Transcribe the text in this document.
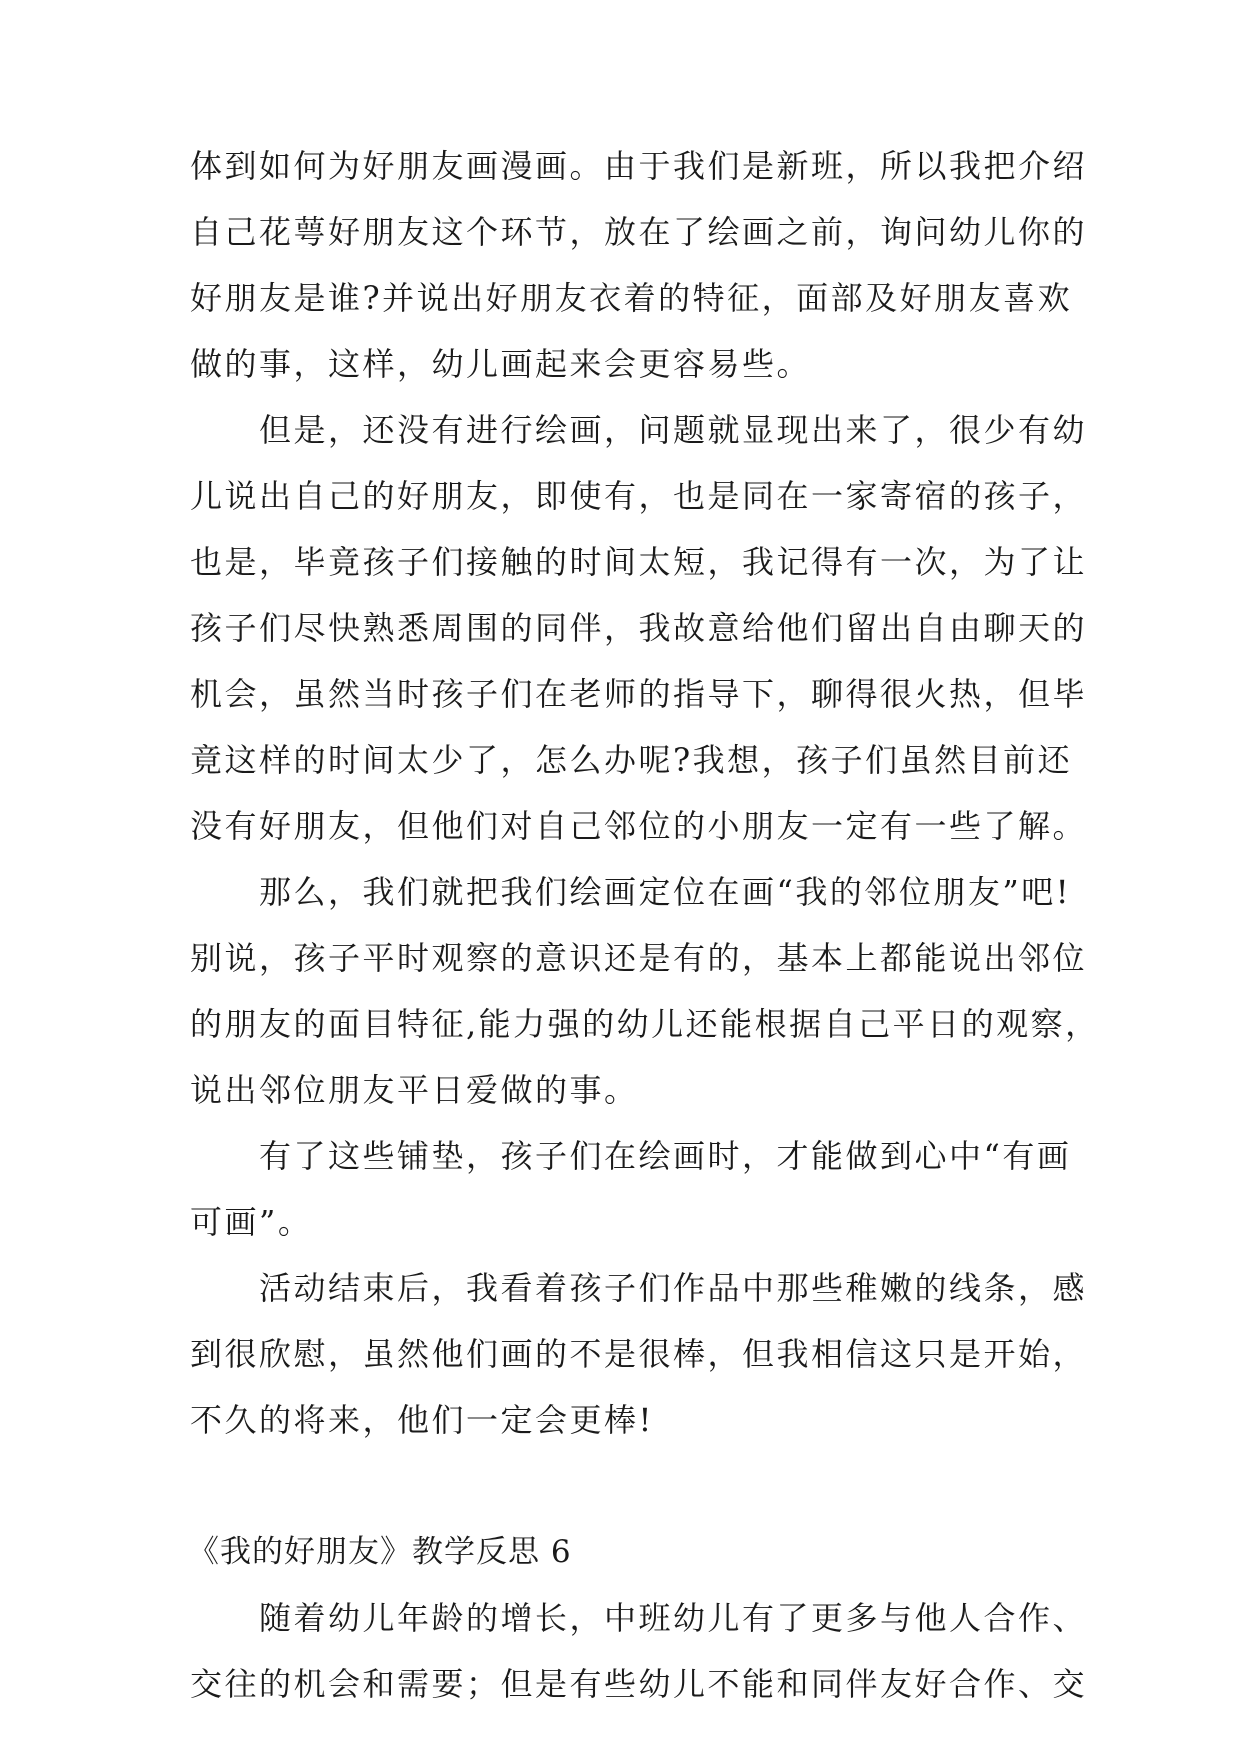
体到如何为好朋友画漫画。由于我们是新班，所以我把介绍
自己花萼好朋友这个环节，放在了绘画之前，询问幼儿你的
好朋友是谁?并说出好朋友衣着的特征，面部及好朋友喜欢
做的事，这样，幼儿画起来会更容易些。
　　但是，还没有进行绘画，问题就显现出来了，很少有幼
儿说出自己的好朋友，即使有，也是同在一家寄宿的孩子，
也是，毕竟孩子们接触的时间太短，我记得有一次，为了让
孩子们尽快熟悉周围的同伴，我故意给他们留出自由聊天的
机会，虽然当时孩子们在老师的指导下，聊得很火热，但毕
竟这样的时间太少了，怎么办呢?我想，孩子们虽然目前还
没有好朋友，但他们对自己邻位的小朋友一定有一些了解。
　　那么，我们就把我们绘画定位在画“我的邻位朋友”吧!
别说，孩子平时观察的意识还是有的，基本上都能说出邻位
的朋友的面目特征,能力强的幼儿还能根据自己平日的观察，
说出邻位朋友平日爱做的事。
　　有了这些铺垫，孩子们在绘画时，才能做到心中“有画
可画”。
　　活动结束后，我看着孩子们作品中那些稚嫩的线条，感
到很欣慰，虽然他们画的不是很棒，但我相信这只是开始，
不久的将来，他们一定会更棒!
《我的好朋友》教学反思 6
　　随着幼儿年龄的增长，中班幼儿有了更多与他人合作、
交往的机会和需要；但是有些幼儿不能和同伴友好合作、交
